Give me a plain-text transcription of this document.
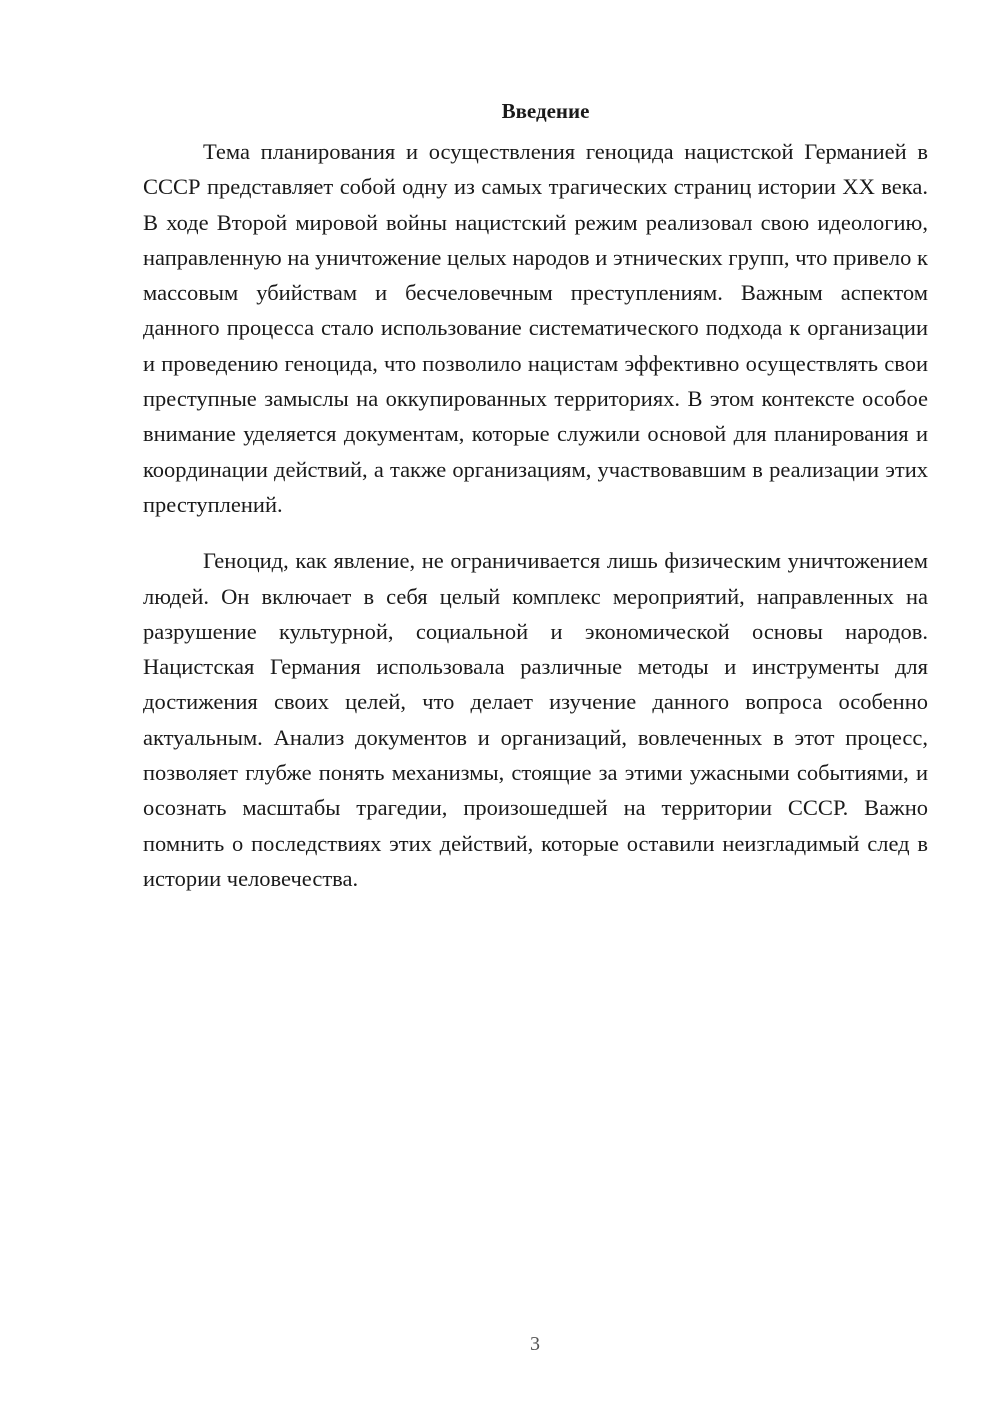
Введение

Тема планирования и осуществления геноцида нацистской Германией в СССР представляет собой одну из самых трагических страниц истории XX века. В ходе Второй мировой войны нацистский режим реализовал свою идеологию, направленную на уничтожение целых народов и этнических групп, что привело к массовым убийствам и бесчеловечным преступлениям. Важным аспектом данного процесса стало использование систематического подхода к организации и проведению геноцида, что позволило нацистам эффективно осуществлять свои преступные замыслы на оккупированных территориях. В этом контексте особое внимание уделяется документам, которые служили основой для планирования и координации действий, а также организациям, участвовавшим в реализации этих преступлений.

Геноцид, как явление, не ограничивается лишь физическим уничтожением людей. Он включает в себя целый комплекс мероприятий, направленных на разрушение культурной, социальной и экономической основы народов. Нацистская Германия использовала различные методы и инструменты для достижения своих целей, что делает изучение данного вопроса особенно актуальным. Анализ документов и организаций, вовлеченных в этот процесс, позволяет глубже понять механизмы, стоящие за этими ужасными событиями, и осознать масштабы трагедии, произошедшей на территории СССР. Важно помнить о последствиях этих действий, которые оставили неизгладимый след в истории человечества.

3
